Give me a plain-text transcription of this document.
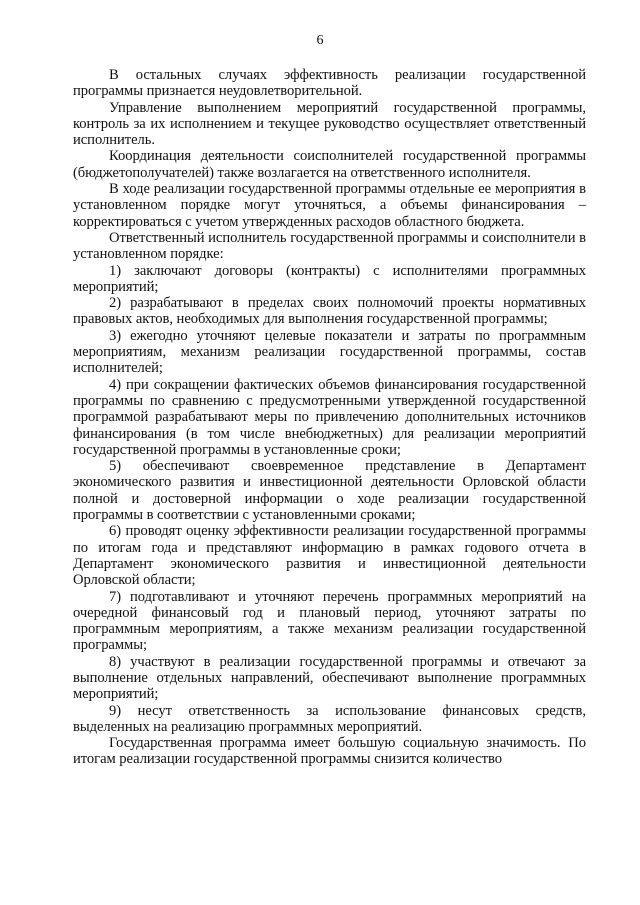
6

В остальных случаях эффективность реализации государственной программы признается неудовлетворительной.

Управление выполнением мероприятий государственной программы, контроль за их исполнением и текущее руководство осуществляет ответственный исполнитель.

Координация деятельности соисполнителей государственной программы (бюджетополучателей) также возлагается на ответственного исполнителя.

В ходе реализации государственной программы отдельные ее мероприятия в установленном порядке могут уточняться, а объемы финансирования – корректироваться с учетом утвержденных расходов областного бюджета.

Ответственный исполнитель государственной программы и соисполнители в установленном порядке:

1) заключают договоры (контракты) с исполнителями программных мероприятий;

2) разрабатывают в пределах своих полномочий проекты нормативных правовых актов, необходимых для выполнения государственной программы;

3) ежегодно уточняют целевые показатели и затраты по программным мероприятиям, механизм реализации государственной программы, состав исполнителей;

4) при сокращении фактических объемов финансирования государственной программы по сравнению с предусмотренными утвержденной государственной программой разрабатывают меры по привлечению дополнительных источников финансирования (в том числе внебюджетных) для реализации мероприятий государственной программы в установленные сроки;

5) обеспечивают своевременное представление в Департамент экономического развития и инвестиционной деятельности Орловской области полной и достоверной информации о ходе реализации государственной программы в соответствии с установленными сроками;

6) проводят оценку эффективности реализации государственной программы по итогам года и представляют информацию в рамках годового отчета в Департамент экономического развития и инвестиционной деятельности Орловской области;

7) подготавливают и уточняют перечень программных мероприятий на очередной финансовый год и плановый период, уточняют затраты по программным мероприятиям, а также механизм реализации государственной программы;

8) участвуют в реализации государственной программы и отвечают за выполнение отдельных направлений, обеспечивают выполнение программных мероприятий;

9) несут ответственность за использование финансовых средств, выделенных на реализацию программных мероприятий.

Государственная программа имеет большую социальную значимость. По итогам реализации государственной программы снизится количество
